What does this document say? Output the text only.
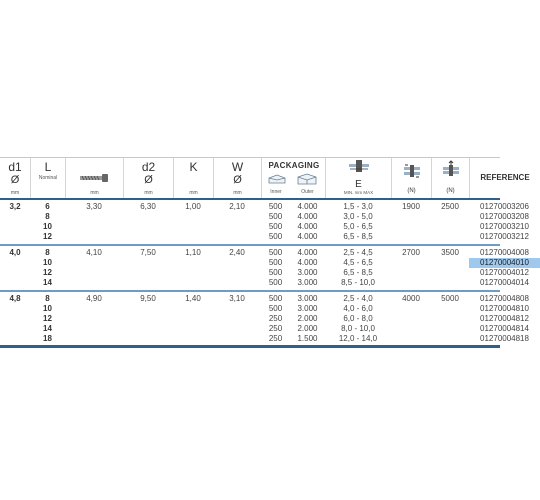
d1
Ø
mm
L
Nominal
mm
d2
Ø
mm
K
mm
W
Ø
mm
PACKAGING
Inner	Outer
E
MIN. mm MAX	(N)	(N)
REFERENCE
3,2	6	3,30	6,30	1,00	2,10	500	4.000	1,5 - 3,0	1900	2500	01270003206
8	500	4.000	3,0 - 5,0	01270003208
10	500	4.000	5,0 - 6,5	01270003210
12	500	4.000	6,5 - 8,5	01270003212
4,0	8	4,10	7,50	1,10	2,40	500	4.000	2,5 - 4,5	2700	3500	01270004008
10	500	4.000	4,5 - 6,5	01270004010
12	500	3.000	6,5 - 8,5	01270004012
14	500	3.000	8,5 - 10,0	01270004014
4,8	8	4,90	9,50	1,40	3,10	500	3.000	2,5 - 4,0	4000	5000	01270004808
10	500	3.000	4,0 - 6,0	01270004810
12	250	2.000	6,0 - 8,0	01270004812
14	250	2.000	8,0 - 10,0	01270004814
18	250	1.500	12,0 - 14,0	01270004818
